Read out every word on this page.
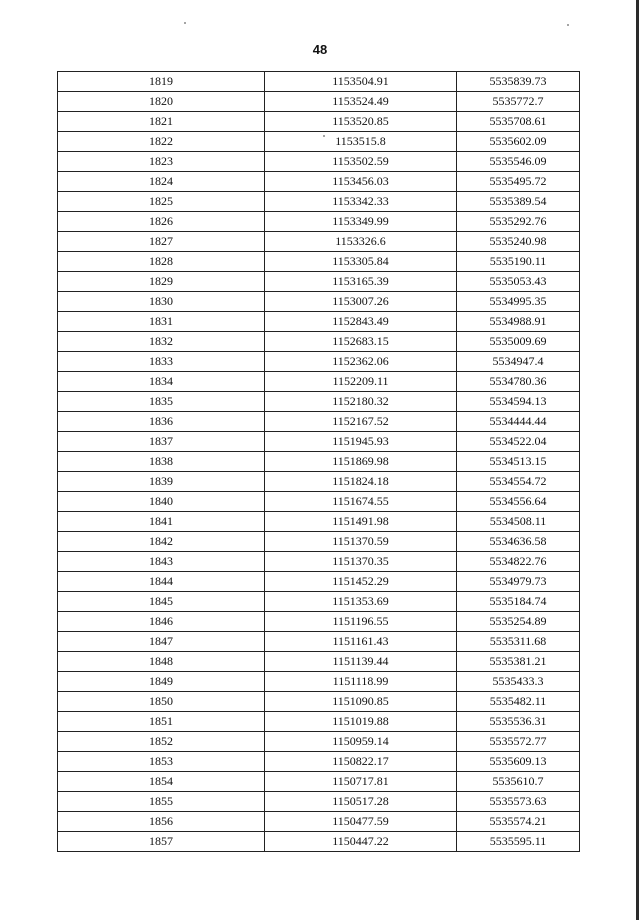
48
1819	1153504.91	5535839.73
1820	1153524.49	5535772.7
1821	1153520.85	5535708.61
1822	1153515.8	5535602.09
1823	1153502.59	5535546.09
1824	1153456.03	5535495.72
1825	1153342.33	5535389.54
1826	1153349.99	5535292.76
1827	1153326.6	5535240.98
1828	1153305.84	5535190.11
1829	1153165.39	5535053.43
1830	1153007.26	5534995.35
1831	1152843.49	5534988.91
1832	1152683.15	5535009.69
1833	1152362.06	5534947.4
1834	1152209.11	5534780.36
1835	1152180.32	5534594.13
1836	1152167.52	5534444.44
1837	1151945.93	5534522.04
1838	1151869.98	5534513.15
1839	1151824.18	5534554.72
1840	1151674.55	5534556.64
1841	1151491.98	5534508.11
1842	1151370.59	5534636.58
1843	1151370.35	5534822.76
1844	1151452.29	5534979.73
1845	1151353.69	5535184.74
1846	1151196.55	5535254.89
1847	1151161.43	5535311.68
1848	1151139.44	5535381.21
1849	1151118.99	5535433.3
1850	1151090.85	5535482.11
1851	1151019.88	5535536.31
1852	1150959.14	5535572.77
1853	1150822.17	5535609.13
1854	1150717.81	5535610.7
1855	1150517.28	5535573.63
1856	1150477.59	5535574.21
1857	1150447.22	5535595.11
